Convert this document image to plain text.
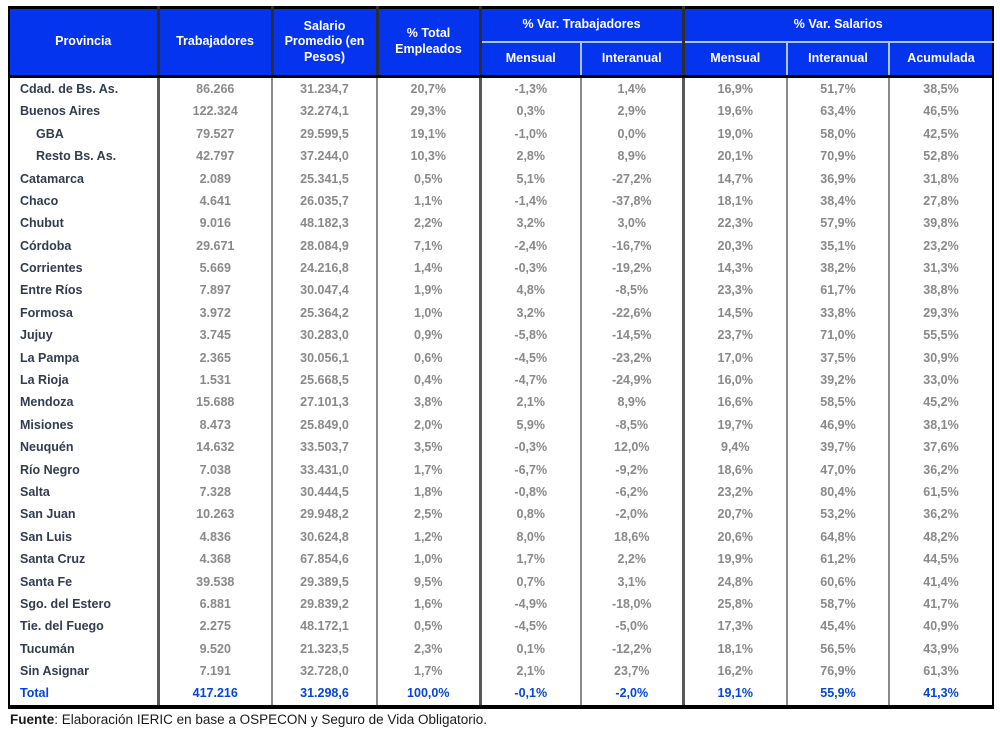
Provincia	Trabajadores	Salario Promedio (en Pesos)	% Total Empleados	% Var. Trabajadores		% Var. Salarios		
				Mensual	Interanual	Mensual	Interanual	Acumulada
Cdad. de Bs. As.	86.266	31.234,7	20,7%	-1,3%	1,4%	16,9%	51,7%	38,5%
Buenos Aires	122.324	32.274,1	29,3%	0,3%	2,9%	19,6%	63,4%	46,5%
GBA	79.527	29.599,5	19,1%	-1,0%	0,0%	19,0%	58,0%	42,5%
Resto Bs. As.	42.797	37.244,0	10,3%	2,8%	8,9%	20,1%	70,9%	52,8%
Catamarca	2.089	25.341,5	0,5%	5,1%	-27,2%	14,7%	36,9%	31,8%
Chaco	4.641	26.035,7	1,1%	-1,4%	-37,8%	18,1%	38,4%	27,8%
Chubut	9.016	48.182,3	2,2%	3,2%	3,0%	22,3%	57,9%	39,8%
Córdoba	29.671	28.084,9	7,1%	-2,4%	-16,7%	20,3%	35,1%	23,2%
Corrientes	5.669	24.216,8	1,4%	-0,3%	-19,2%	14,3%	38,2%	31,3%
Entre Ríos	7.897	30.047,4	1,9%	4,8%	-8,5%	23,3%	61,7%	38,8%
Formosa	3.972	25.364,2	1,0%	3,2%	-22,6%	14,5%	33,8%	29,3%
Jujuy	3.745	30.283,0	0,9%	-5,8%	-14,5%	23,7%	71,0%	55,5%
La Pampa	2.365	30.056,1	0,6%	-4,5%	-23,2%	17,0%	37,5%	30,9%
La Rioja	1.531	25.668,5	0,4%	-4,7%	-24,9%	16,0%	39,2%	33,0%
Mendoza	15.688	27.101,3	3,8%	2,1%	8,9%	16,6%	58,5%	45,2%
Misiones	8.473	25.849,0	2,0%	5,9%	-8,5%	19,7%	46,9%	38,1%
Neuquén	14.632	33.503,7	3,5%	-0,3%	12,0%	9,4%	39,7%	37,6%
Río Negro	7.038	33.431,0	1,7%	-6,7%	-9,2%	18,6%	47,0%	36,2%
Salta	7.328	30.444,5	1,8%	-0,8%	-6,2%	23,2%	80,4%	61,5%
San Juan	10.263	29.948,2	2,5%	0,8%	-2,0%	20,7%	53,2%	36,2%
San Luis	4.836	30.624,8	1,2%	8,0%	18,6%	20,6%	64,8%	48,2%
Santa Cruz	4.368	67.854,6	1,0%	1,7%	2,2%	19,9%	61,2%	44,5%
Santa Fe	39.538	29.389,5	9,5%	0,7%	3,1%	24,8%	60,6%	41,4%
Sgo. del Estero	6.881	29.839,2	1,6%	-4,9%	-18,0%	25,8%	58,7%	41,7%
Tie. del Fuego	2.275	48.172,1	0,5%	-4,5%	-5,0%	17,3%	45,4%	40,9%
Tucumán	9.520	21.323,5	2,3%	0,1%	-12,2%	18,1%	56,5%	43,9%
Sin Asignar	7.191	32.728,0	1,7%	2,1%	23,7%	16,2%	76,9%	61,3%
Total	417.216	31.298,6	100,0%	-0,1%	-2,0%	19,1%	55,9%	41,3%
Fuente: Elaboración IERIC en base a OSPECON y Seguro de Vida Obligatorio.
